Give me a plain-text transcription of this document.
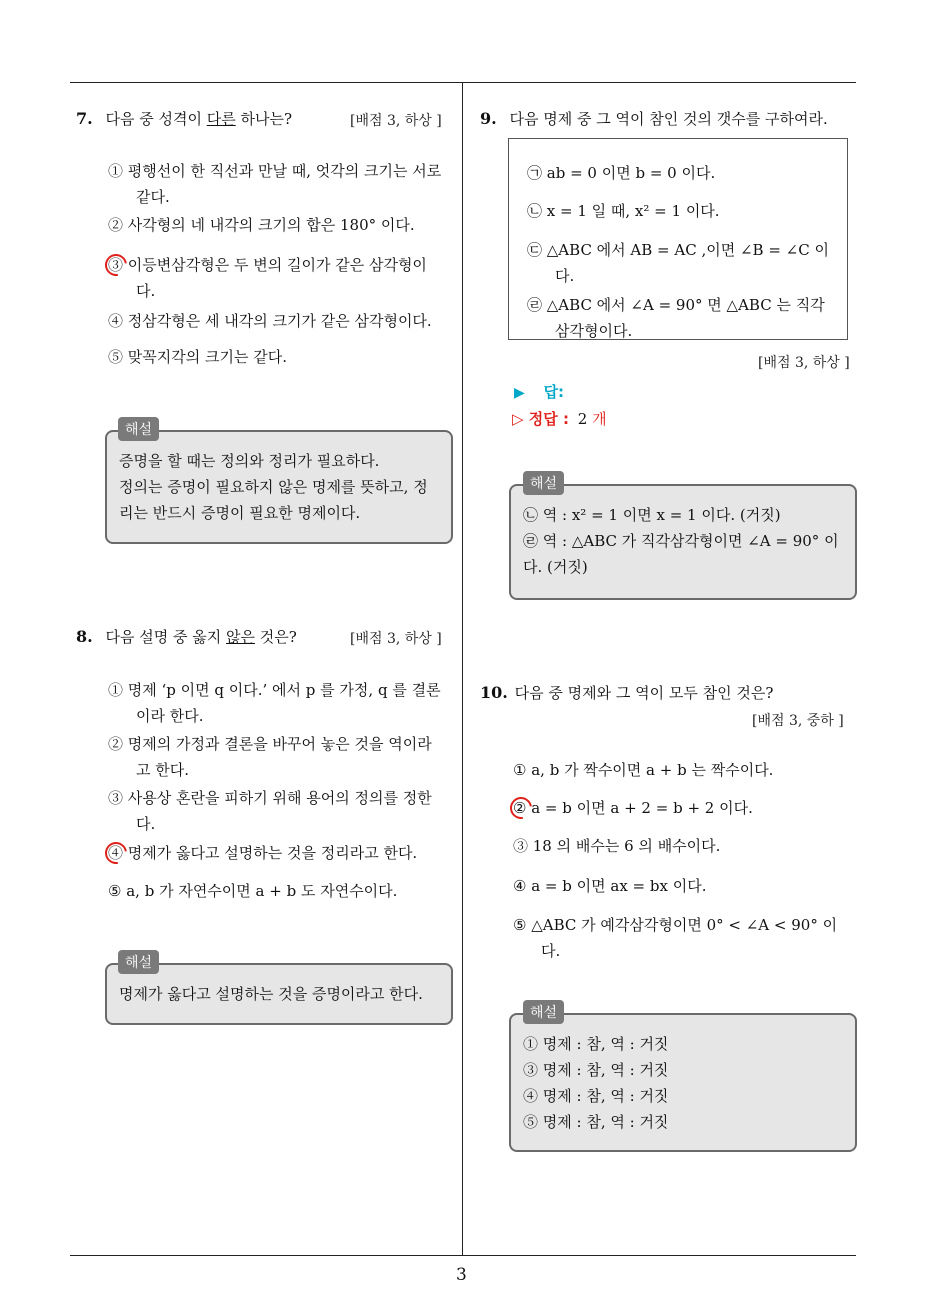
3
7. 다음 중 성격이 다른 하나는?	[배점 3, 하상 ]
① 평행선이 한 직선과 만날 때, 엇각의 크기는 서로 같다.
② 사각형의 네 내각의 크기의 합은 180° 이다.
③ 이등변삼각형은 두 변의 길이가 같은 삼각형이다.
④ 정삼각형은 세 내각의 크기가 같은 삼각형이다.
⑤ 맞꼭지각의 크기는 같다.
증명을 할 때는 정의와 정리가 필요하다.
정의는 증명이 필요하지 않은 명제를 뜻하고, 정리는 반드시 증명이 필요한 명제이다.
해설
8. 다음 설명 중 옳지 않은 것은?	[배점 3, 하상 ]
① 명제 ‘p 이면 q 이다.’ 에서 p 를 가정, q 를 결론이라 한다.
② 명제의 가정과 결론을 바꾸어 놓은 것을 역이라고 한다.
③ 사용상 혼란을 피하기 위해 용어의 정의를 정한다.
④ 명제가 옳다고 설명하는 것을 정리라고 한다.
⑤ a, b 가 자연수이면 a + b 도 자연수이다.
명제가 옳다고 설명하는 것을 증명이라고 한다.
해설
9. 다음 명제 중 그 역이 참인 것의 갯수를 구하여라.
㉠ ab = 0 이면 b = 0 이다.
㉡ x = 1 일 때, x² = 1 이다.
㉢ △ABC 에서 AB = AC ,이면 ∠B = ∠C 이다.
㉣ △ABC 에서 ∠A = 90° 면 △ABC 는 직각삼각형이다.
[배점 3, 하상 ]
▶ 답:
▷ 정답 : 2 개
㉡ 역 : x² = 1 이면 x = 1 이다. (거짓)
㉣ 역 : △ABC 가 직각삼각형이면 ∠A = 90° 이다. (거짓)
해설
10. 다음 중 명제와 그 역이 모두 참인 것은?
[배점 3, 중하 ]
① a, b 가 짝수이면 a + b 는 짝수이다.
② a = b 이면 a + 2 = b + 2 이다.
③ 18 의 배수는 6 의 배수이다.
④ a = b 이면 ax = bx 이다.
⑤ △ABC 가 예각삼각형이면 0° < ∠A < 90° 이다.
① 명제 : 참, 역 : 거짓
③ 명제 : 참, 역 : 거짓
④ 명제 : 참, 역 : 거짓
⑤ 명제 : 참, 역 : 거짓
해설
